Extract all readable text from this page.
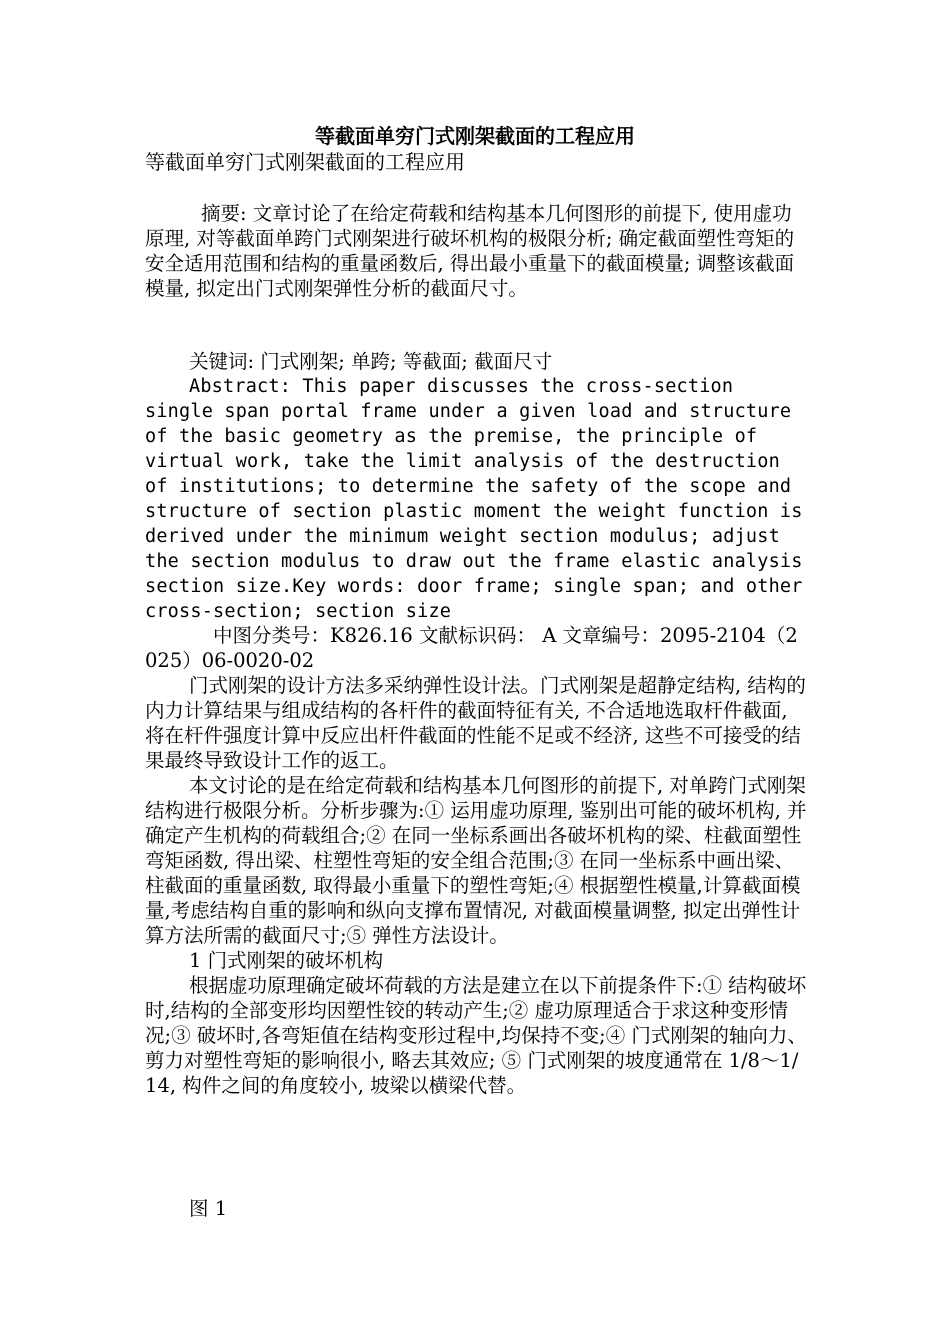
等截面单穷门式刚架截面的工程应用

等截面单穷门式刚架截面的工程应用

摘要: 文章讨论了在给定荷载和结构基本几何图形的前提下, 使用虚功原理, 对等截面单跨门式刚架进行破坏机构的极限分析; 确定截面塑性弯矩的安全适用范围和结构的重量函数后, 得出最小重量下的截面模量; 调整该截面模量, 拟定出门式刚架弹性分析的截面尺寸。

关键词: 门式刚架; 单跨; 等截面; 截面尺寸

Abstract: This paper discusses the cross-section single span portal frame under a given load and structure of the basic geometry as the premise, the principle of virtual work, take the limit analysis of the destruction of institutions; to determine the safety of the scope and structure of section plastic moment the weight function is derived under the minimum weight section modulus; adjust the section modulus to draw out the frame elastic analysis section size.Key words: door frame; single span; and other cross-section; section size

中图分类号：K826.16 文献标识码： A 文章编号：2095-2104（2025）06-0020-02

门式刚架的设计方法多采纳弹性设计法。门式刚架是超静定结构, 结构的内力计算结果与组成结构的各杆件的截面特征有关, 不合适地选取杆件截面, 将在杆件强度计算中反应出杆件截面的性能不足或不经济, 这些不可接受的结果最终导致设计工作的返工。

本文讨论的是在给定荷载和结构基本几何图形的前提下, 对单跨门式刚架结构进行极限分析。分析步骤为:① 运用虚功原理, 鉴别出可能的破坏机构, 并确定产生机构的荷载组合;② 在同一坐标系画出各破坏机构的梁、柱截面塑性弯矩函数, 得出梁、柱塑性弯矩的安全组合范围;③ 在同一坐标系中画出梁、柱截面的重量函数, 取得最小重量下的塑性弯矩;④ 根据塑性模量,计算截面模量,考虑结构自重的影响和纵向支撑布置情况, 对截面模量调整, 拟定出弹性计算方法所需的截面尺寸;⑤ 弹性方法设计。

1 门式刚架的破坏机构

根据虚功原理确定破坏荷载的方法是建立在以下前提条件下:① 结构破坏时,结构的全部变形均因塑性铰的转动产生;② 虚功原理适合于求这种变形情况;③ 破坏时,各弯矩值在结构变形过程中,均保持不变;④ 门式刚架的轴向力、剪力对塑性弯矩的影响很小, 略去其效应; ⑤ 门式刚架的坡度通常在 1/8～1/14, 构件之间的角度较小, 坡梁以横梁代替。

图 1
